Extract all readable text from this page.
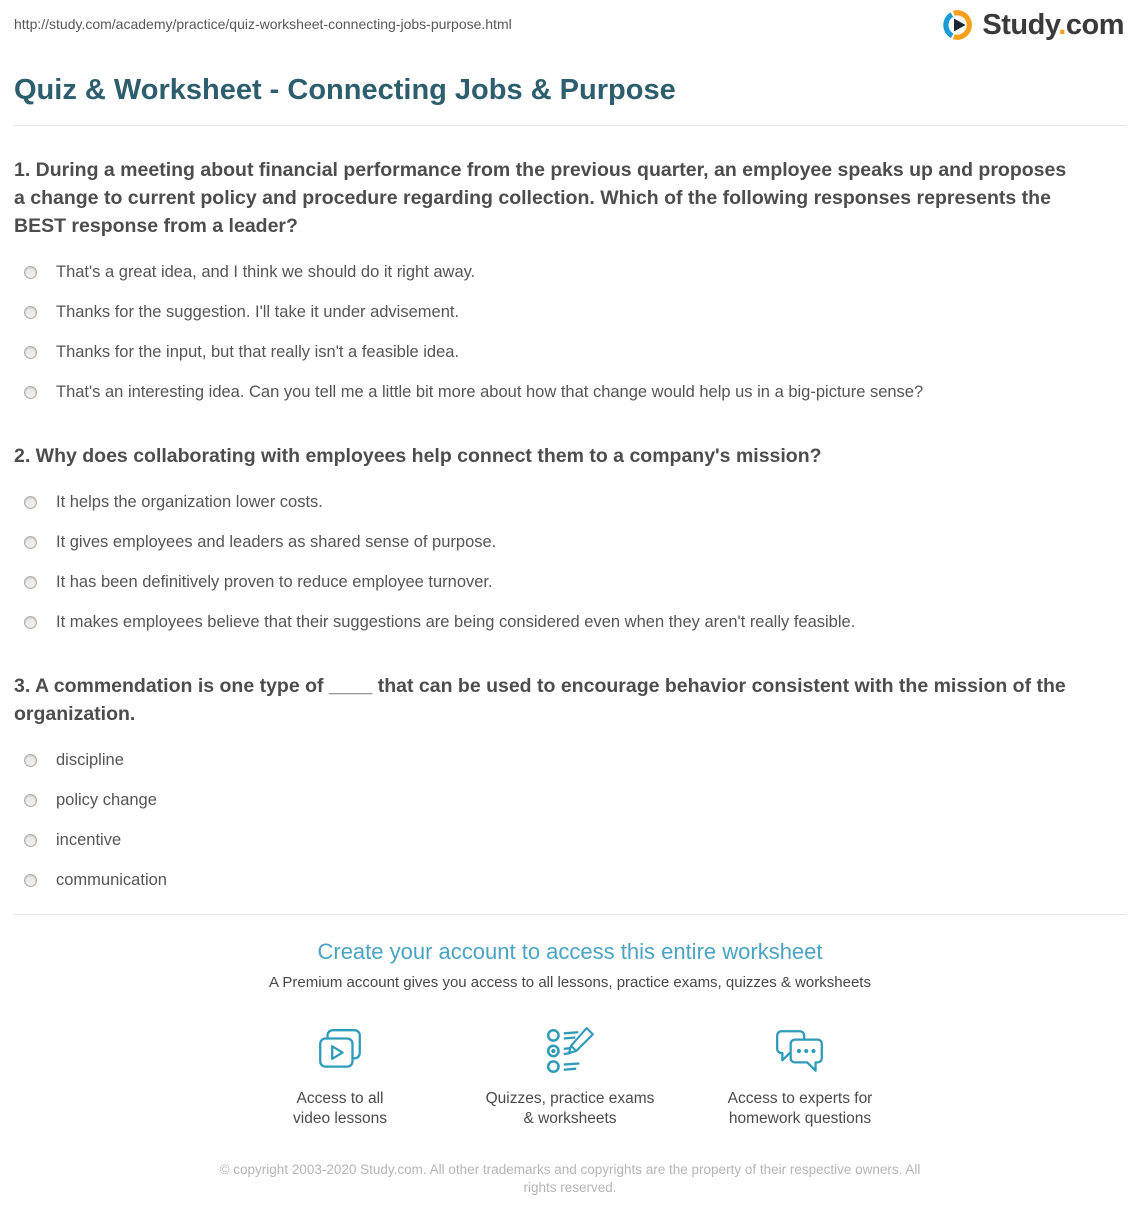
http://study.com/academy/practice/quiz-worksheet-connecting-jobs-purpose.html	Study.com
Quiz & Worksheet - Connecting Jobs & Purpose
1. During a meeting about financial performance from the previous quarter, an employee speaks up and proposes a change to current policy and procedure regarding collection. Which of the following responses represents the BEST response from a leader?
That's a great idea, and I think we should do it right away.
Thanks for the suggestion. I'll take it under advisement.
Thanks for the input, but that really isn't a feasible idea.
That's an interesting idea. Can you tell me a little bit more about how that change would help us in a big-picture sense?
2. Why does collaborating with employees help connect them to a company's mission?
It helps the organization lower costs.
It gives employees and leaders as shared sense of purpose.
It has been definitively proven to reduce employee turnover.
It makes employees believe that their suggestions are being considered even when they aren't really feasible.
3. A commendation is one type of ____ that can be used to encourage behavior consistent with the mission of the organization.
discipline
policy change
incentive
communication
Create your account to access this entire worksheet
A Premium account gives you access to all lessons, practice exams, quizzes & worksheets
Access to all
video lessons
Quizzes, practice exams
& worksheets
Access to experts for
homework questions
© copyright 2003-2020 Study.com. All other trademarks and copyrights are the property of their respective owners. All rights reserved.
